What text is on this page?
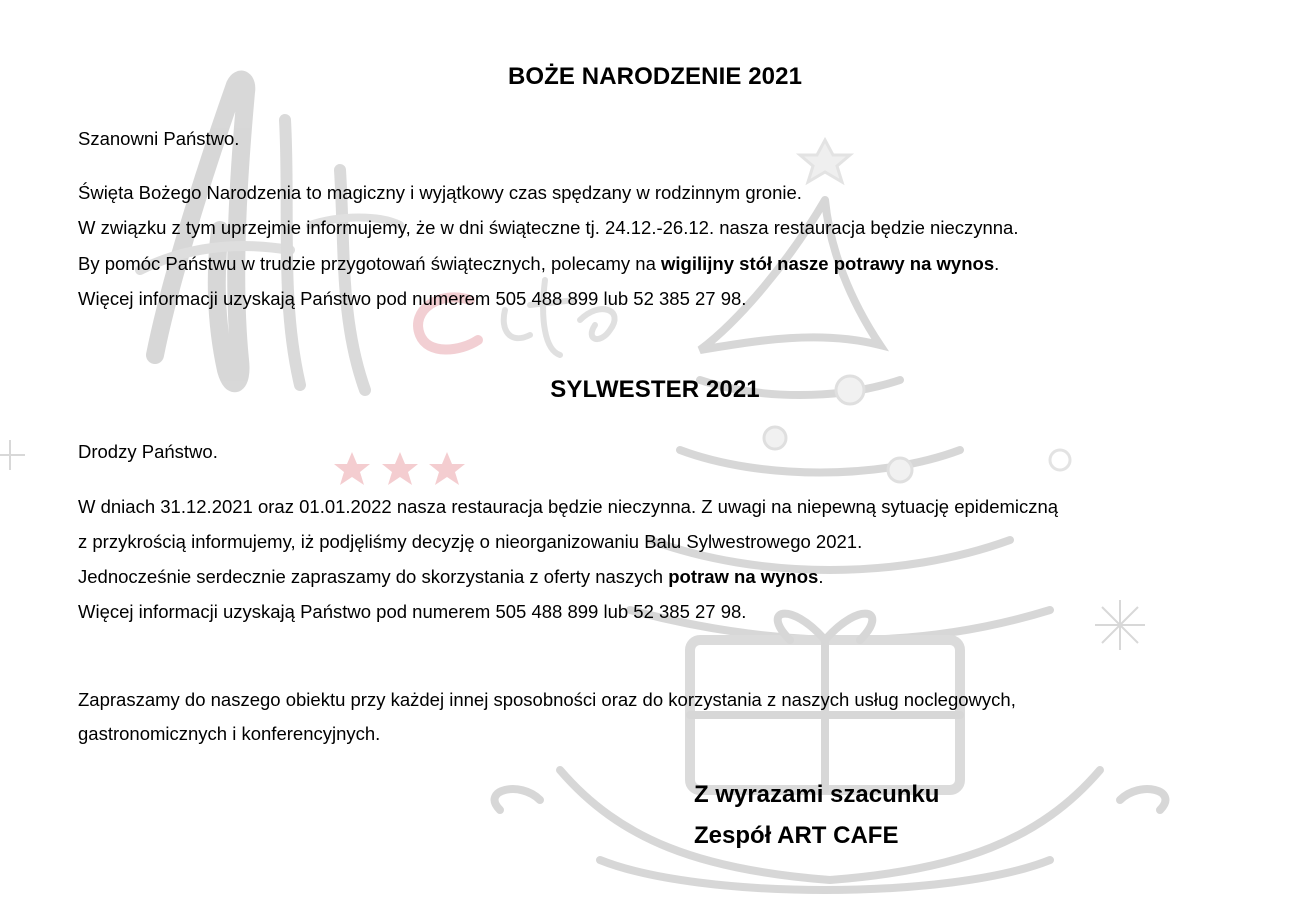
BOŻE NARODZENIE 2021
Szanowni Państwo.
Święta Bożego Narodzenia to magiczny i wyjątkowy czas spędzany w rodzinnym gronie.
W związku z tym uprzejmie informujemy, że w dni świąteczne tj. 24.12.-26.12. nasza restauracja będzie nieczynna.
By pomóc Państwu w trudzie przygotowań świątecznych, polecamy na wigilijny stół nasze potrawy na wynos.
Więcej informacji uzyskają Państwo pod numerem 505 488 899 lub 52 385 27 98.
SYLWESTER 2021
Drodzy Państwo.
W dniach 31.12.2021 oraz 01.01.2022 nasza restauracja będzie nieczynna. Z uwagi na niepewną sytuację epidemiczną
z przykrością informujemy, iż podjęliśmy decyzję o nieorganizowaniu Balu Sylwestrowego 2021.
Jednocześnie serdecznie zapraszamy do skorzystania z oferty naszych potraw na wynos.
Więcej informacji uzyskają Państwo pod numerem 505 488 899 lub 52 385 27 98.
Zapraszamy do naszego obiektu przy każdej innej sposobności oraz do korzystania z naszych usług noclegowych,
gastronomicznych i konferencyjnych.
Z wyrazami szacunku
Zespół ART CAFE
